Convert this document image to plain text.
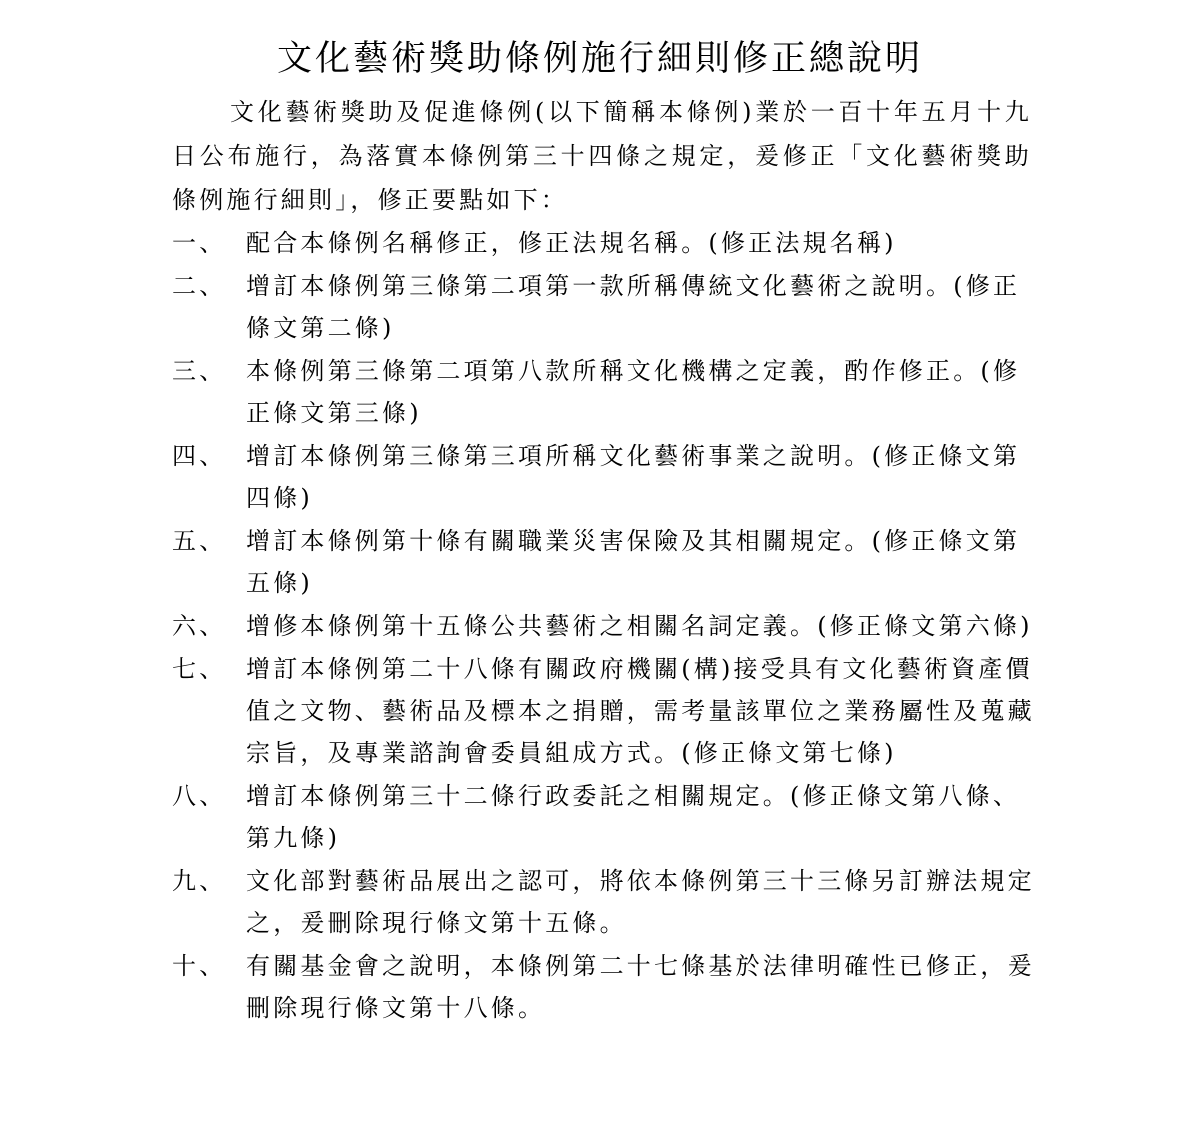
文化藝術獎助條例施行細則修正總說明

文化藝術獎助及促進條例(以下簡稱本條例)業於一百十年五月十九日公布施行，為落實本條例第三十四條之規定，爰修正「文化藝術獎助條例施行細則」，修正要點如下：

一、 配合本條例名稱修正，修正法規名稱。(修正法規名稱)
二、 增訂本條例第三條第二項第一款所稱傳統文化藝術之說明。(修正條文第二條)
三、 本條例第三條第二項第八款所稱文化機構之定義，酌作修正。(修正條文第三條)
四、 增訂本條例第三條第三項所稱文化藝術事業之說明。(修正條文第四條)
五、 增訂本條例第十條有關職業災害保險及其相關規定。(修正條文第五條)
六、 增修本條例第十五條公共藝術之相關名詞定義。(修正條文第六條)
七、 增訂本條例第二十八條有關政府機關(構)接受具有文化藝術資產價值之文物、藝術品及標本之捐贈，需考量該單位之業務屬性及蒐藏宗旨，及專業諮詢會委員組成方式。(修正條文第七條)
八、 增訂本條例第三十二條行政委託之相關規定。(修正條文第八條、第九條)
九、 文化部對藝術品展出之認可，將依本條例第三十三條另訂辦法規定之，爰刪除現行條文第十五條。
十、 有關基金會之說明，本條例第二十七條基於法律明確性已修正，爰刪除現行條文第十八條。
